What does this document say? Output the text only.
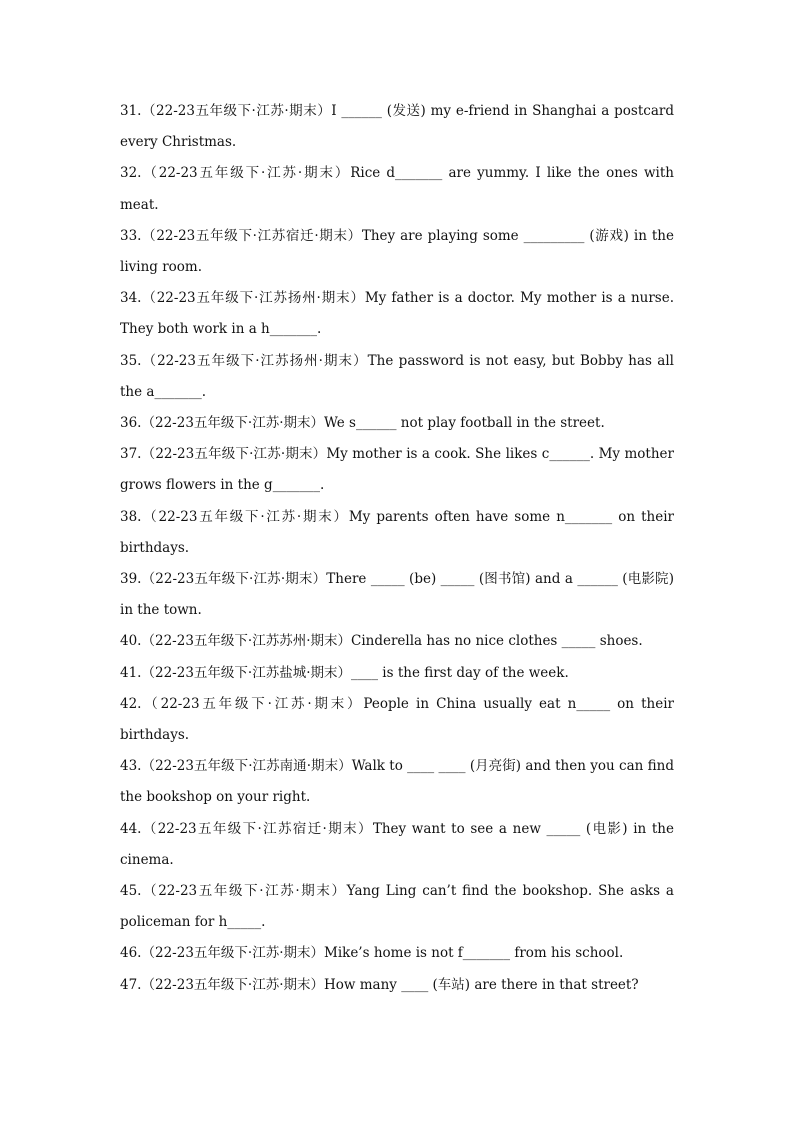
31.（22-23五年级下·江苏·期末）I ______ (发送) my e-friend in Shanghai a postcard every Christmas.

32.（22-23五年级下·江苏·期末）Rice d_______ are yummy. I like the ones with meat.

33.（22-23五年级下·江苏宿迁·期末）They are playing some _________ (游戏) in the living room.

34.（22-23五年级下·江苏扬州·期末）My father is a doctor. My mother is a nurse. They both work in a h_______.

35.（22-23五年级下·江苏扬州·期末）The password is not easy, but Bobby has all the a_______.

36.（22-23五年级下·江苏·期末）We s______ not play football in the street.

37.（22-23五年级下·江苏·期末）My mother is a cook. She likes c______. My mother grows flowers in the g_______.

38.（22-23五年级下·江苏·期末）My parents often have some n_______ on their birthdays.

39.（22-23五年级下·江苏·期末）There _____ (be) _____ (图书馆) and a ______ (电影院) in the town.

40.（22-23五年级下·江苏苏州·期末）Cinderella has no nice clothes _____ shoes.

41.（22-23五年级下·江苏盐城·期末）____ is the first day of the week.

42.（22-23五年级下·江苏·期末）People in China usually eat n_____ on their birthdays.

43.（22-23五年级下·江苏南通·期末）Walk to ____ ____ (月亮街) and then you can find the bookshop on your right.

44.（22-23五年级下·江苏宿迁·期末）They want to see a new _____ (电影) in the cinema.

45.（22-23五年级下·江苏·期末）Yang Ling can’t find the bookshop. She asks a policeman for h_____.

46.（22-23五年级下·江苏·期末）Mike’s home is not f_______ from his school.

47.（22-23五年级下·江苏·期末）How many ____ (车站) are there in that street?
